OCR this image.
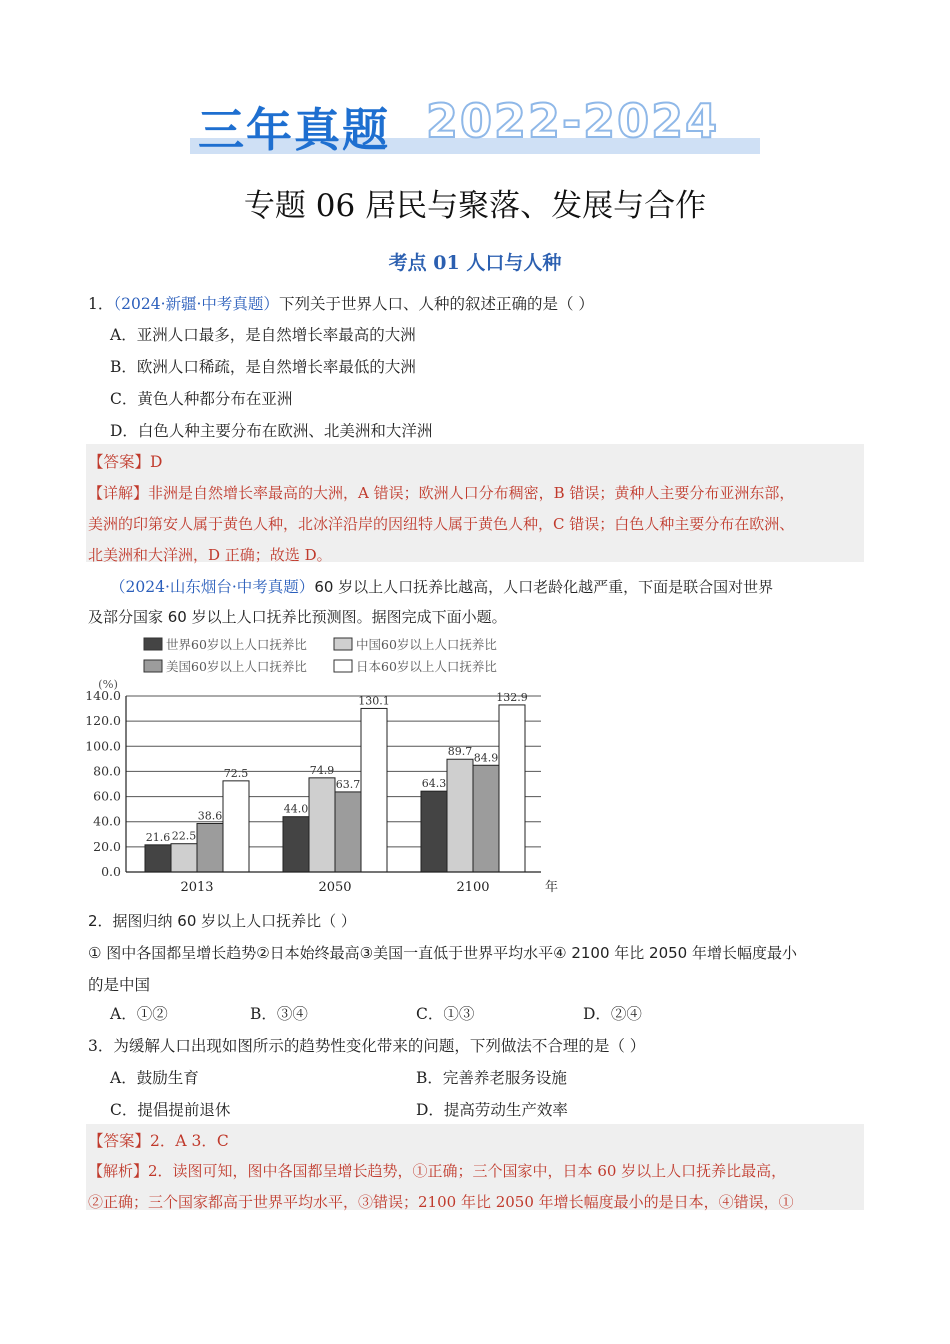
三年真题 2022-2024
专题 06 居民与聚落、发展与合作
考点 01 人口与人种
1．（2024·新疆·中考真题）下列关于世界人口、人种的叙述正确的是（ ）
A．亚洲人口最多，是自然增长率最高的大洲
B．欧洲人口稀疏，是自然增长率最低的大洲
C．黄色人种都分布在亚洲
D．白色人种主要分布在欧洲、北美洲和大洋洲
【答案】D
【详解】非洲是自然增长率最高的大洲，A 错误；欧洲人口分布稠密，B 错误；黄种人主要分布亚洲东部，
美洲的印第安人属于黄色人种，北冰洋沿岸的因纽特人属于黄色人种，C 错误；白色人种主要分布在欧洲、
北美洲和大洋洲，D 正确；故选 D。
（2024·山东烟台·中考真题）60 岁以上人口抚养比越高，人口老龄化越严重，下面是联合国对世界
及部分国家 60 岁以上人口抚养比预测图。据图完成下面小题。
世界60岁以上人口抚养比	中国60岁以上人口抚养比
美国60岁以上人口抚养比	日本60岁以上人口抚养比
0.0
20.0
40.0
60.0
80.0
100.0
120.0
140.0
(%)
21.6 22.5
38.6
72.5
2013
44.0
74.9
63.7
130.1
2050
64.3
89.7 84.9
132.9
2100	年
2．据图归纳 60 岁以上人口抚养比（ ）
① 图中各国都呈增长趋势②日本始终最高③美国一直低于世界平均水平④ 2100 年比 2050 年增长幅度最小
的是中国
A．①②	B．③④	C．①③	D．②④
3．为缓解人口出现如图所示的趋势性变化带来的问题，下列做法不合理的是（ ）
A．鼓励生育	B．完善养老服务设施
C．提倡提前退休	D．提高劳动生产效率
【答案】2．A 3．C
【解析】2．读图可知，图中各国都呈增长趋势，①正确；三个国家中，日本 60 岁以上人口抚养比最高，
②正确；三个国家都高于世界平均水平，③错误；2100 年比 2050 年增长幅度最小的是日本，④错误，①
